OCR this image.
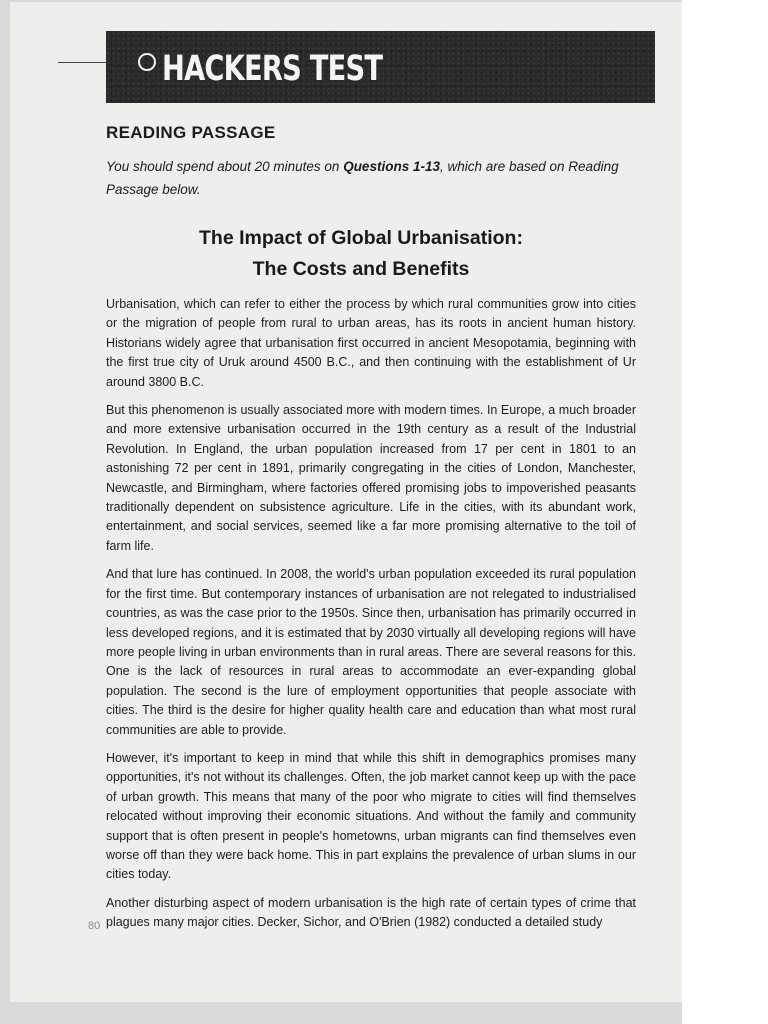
HACKERS TEST
READING PASSAGE
You should spend about 20 minutes on Questions 1-13, which are based on Reading Passage below.
The Impact of Global Urbanisation:
The Costs and Benefits

Urbanisation, which can refer to either the process by which rural communities grow into cities or the migration of people from rural to urban areas, has its roots in ancient human history. Historians widely agree that urbanisation first occurred in ancient Mesopotamia, beginning with the first true city of Uruk around 4500 B.C., and then continuing with the establishment of Ur around 3800 B.C.

But this phenomenon is usually associated more with modern times. In Europe, a much broader and more extensive urbanisation occurred in the 19th century as a result of the Industrial Revolution. In England, the urban population increased from 17 per cent in 1801 to an astonishing 72 per cent in 1891, primarily congregating in the cities of London, Manchester, Newcastle, and Birmingham, where factories offered promising jobs to impoverished peasants traditionally dependent on subsistence agriculture. Life in the cities, with its abundant work, entertainment, and social services, seemed like a far more promising alternative to the toil of farm life.

And that lure has continued. In 2008, the world's urban population exceeded its rural population for the first time. But contemporary instances of urbanisation are not relegated to industrialised countries, as was the case prior to the 1950s. Since then, urbanisation has primarily occurred in less developed regions, and it is estimated that by 2030 virtually all developing regions will have more people living in urban environments than in rural areas. There are several reasons for this. One is the lack of resources in rural areas to accommodate an ever-expanding global population. The second is the lure of employment opportunities that people associate with cities. The third is the desire for higher quality health care and education than what most rural communities are able to provide.

However, it's important to keep in mind that while this shift in demographics promises many opportunities, it's not without its challenges. Often, the job market cannot keep up with the pace of urban growth. This means that many of the poor who migrate to cities will find themselves relocated without improving their economic situations. And without the family and community support that is often present in people's hometowns, urban migrants can find themselves even worse off than they were back home. This in part explains the prevalence of urban slums in our cities today.

Another disturbing aspect of modern urbanisation is the high rate of certain types of crime that plagues many major cities. Decker, Sichor, and O'Brien (1982) conducted a detailed study

80
